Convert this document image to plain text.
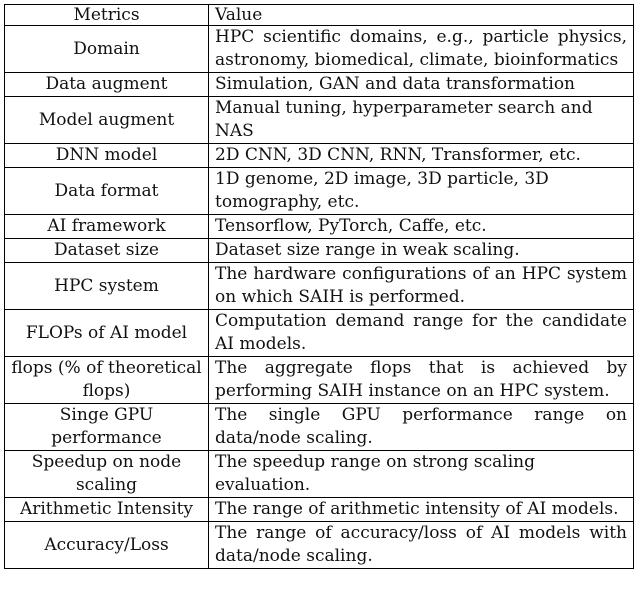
Metrics	Value
Domain	HPC scientific domains, e.g., particle physics, astronomy, biomedical, climate, bioinformatics
Data augment	Simulation, GAN and data transformation
Model augment	Manual tuning, hyperparameter search and NAS
DNN model	2D CNN, 3D CNN, RNN, Transformer, etc.
Data format	1D genome, 2D image, 3D particle, 3D tomography, etc.
AI framework	Tensorflow, PyTorch, Caffe, etc.
Dataset size	Dataset size range in weak scaling.
HPC system	The hardware configurations of an HPC system on which SAIH is performed.
FLOPs of AI model	Computation demand range for the candidate AI models.
flops (% of theoretical flops)	The aggregate flops that is achieved by performing SAIH instance on an HPC system.
Singe GPU performance	The single GPU performance range on data/node scaling.
Speedup on node scaling	The speedup range on strong scaling evaluation.
Arithmetic Intensity	The range of arithmetic intensity of AI models.
Accuracy/Loss	The range of accuracy/loss of AI models with data/node scaling.
